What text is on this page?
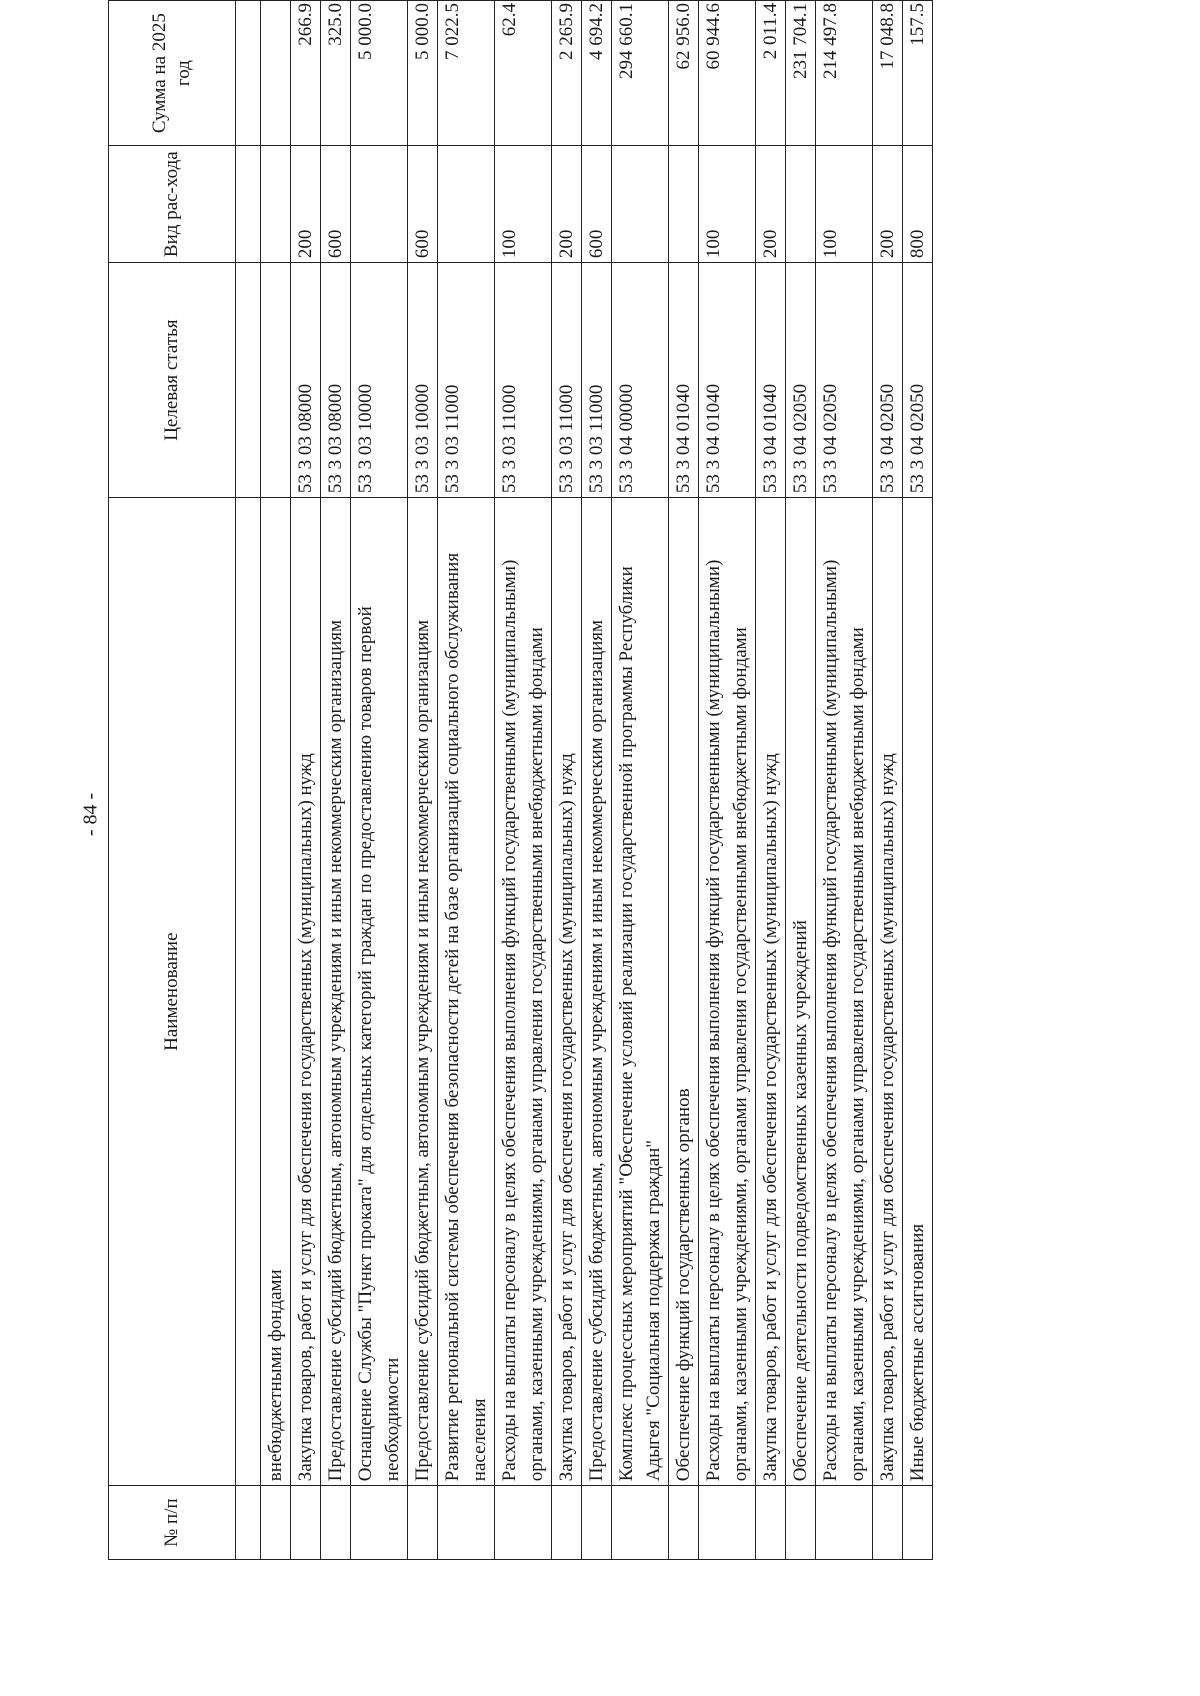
- 84 -
№ п/п	Наименование	Целевая статья	Вид рас-хода	Сумма на 2025 год

	внебюджетными фондами			
	Закупка товаров, работ и услуг для обеспечения государственных (муниципальных) нужд	53 3 03 08000	200	266.9
	Предоставление субсидий бюджетным, автономным учреждениям и иным некоммерческим организациям	53 3 03 08000	600	325.0
	Оснащение Службы "Пункт проката" для отдельных категорий граждан по предоставлению товаров первой необходимости	53 3 03 10000		5 000.0
	Предоставление субсидий бюджетным, автономным учреждениям и иным некоммерческим организациям	53 3 03 10000	600	5 000.0
	Развитие региональной системы обеспечения безопасности детей на базе организаций социального обслуживания населения	53 3 03 11000		7 022.5
	Расходы на выплаты персоналу в целях обеспечения выполнения функций государственными (муниципальными) органами, казенными учреждениями, органами управления государственными внебюджетными фондами	53 3 03 11000	100	62.4
	Закупка товаров, работ и услуг для обеспечения государственных (муниципальных) нужд	53 3 03 11000	200	2 265.9
	Предоставление субсидий бюджетным, автономным учреждениям и иным некоммерческим организациям	53 3 03 11000	600	4 694.2
	Комплекс процессных мероприятий "Обеспечение условий реализации государственной программы Республики Адыгея "Социальная поддержка граждан"	53 3 04 00000		294 660.1
	Обеспечение функций государственных органов	53 3 04 01040		62 956.0
	Расходы на выплаты персоналу в целях обеспечения выполнения функций государственными (муниципальными) органами, казенными учреждениями, органами управления государственными внебюджетными фондами	53 3 04 01040	100	60 944.6
	Закупка товаров, работ и услуг для обеспечения государственных (муниципальных) нужд	53 3 04 01040	200	2 011.4
	Обеспечение деятельности подведомственных казенных учреждений	53 3 04 02050		231 704.1
	Расходы на выплаты персоналу в целях обеспечения выполнения функций государственными (муниципальными) органами, казенными учреждениями, органами управления государственными внебюджетными фондами	53 3 04 02050	100	214 497.8
	Закупка товаров, работ и услуг для обеспечения государственных (муниципальных) нужд	53 3 04 02050	200	17 048.8
	Иные бюджетные ассигнования	53 3 04 02050	800	157.5
